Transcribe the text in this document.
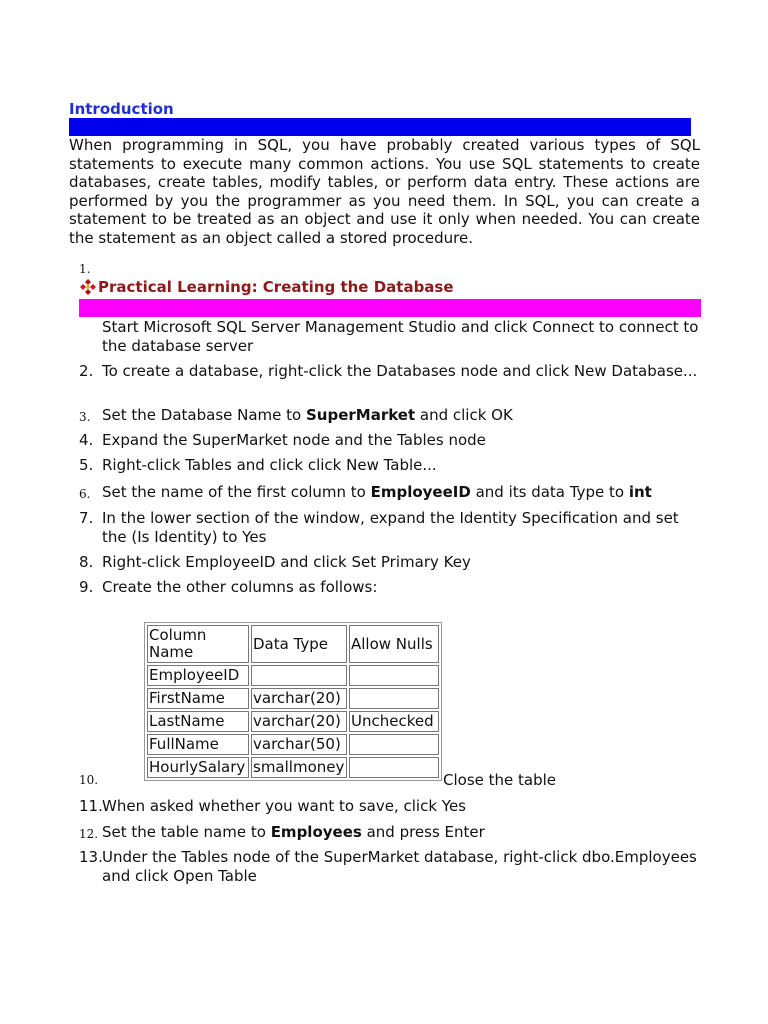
Introduction

When programming in SQL, you have probably created various types of SQL statements to execute many common actions. You use SQL statements to create databases, create tables, modify tables, or perform data entry. These actions are performed by you the programmer as you need them. In SQL, you can create a statement to be treated as an object and use it only when needed. You can create the statement as an object called a stored procedure.

1.
Practical Learning: Creating the Database
Start Microsoft SQL Server Management Studio and click Connect to connect to the database server
2. To create a database, right-click the Databases node and click New Database...
3. Set the Database Name to SuperMarket and click OK
4. Expand the SuperMarket node and the Tables node
5. Right-click Tables and click click New Table...
6. Set the name of the first column to EmployeeID and its data Type to int
7. In the lower section of the window, expand the Identity Specification and set the (Is Identity) to Yes
8. Right-click EmployeeID and click Set Primary Key
9. Create the other columns as follows:
Column Name	Data Type	Allow Nulls
EmployeeID		
FirstName	varchar(20)	
LastName	varchar(20)	Unchecked
FullName	varchar(50)	
HourlySalary	smallmoney	
10.	Close the table
11. When asked whether you want to save, click Yes
12. Set the table name to Employees and press Enter
13. Under the Tables node of the SuperMarket database, right-click dbo.Employees and click Open Table
